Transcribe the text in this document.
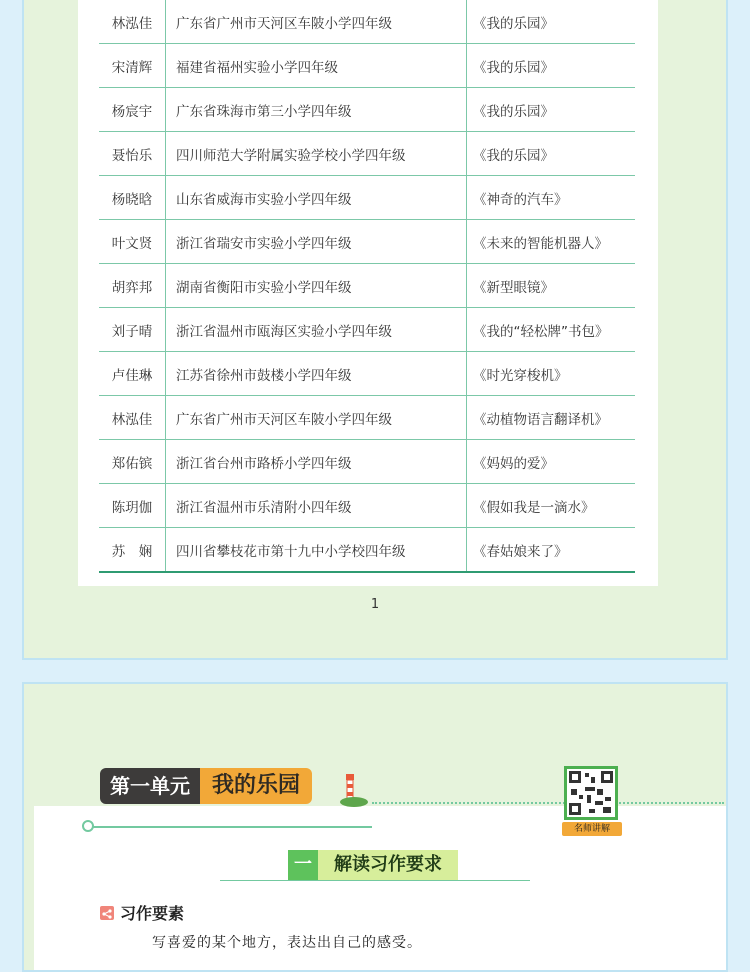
林泓佳	广东省广州市天河区车陂小学四年级	《我的乐园》
宋清辉	福建省福州实验小学四年级	《我的乐园》
杨宸宇	广东省珠海市第三小学四年级	《我的乐园》
聂怡乐	四川师范大学附属实验学校小学四年级	《我的乐园》
杨晓晗	山东省威海市实验小学四年级	《神奇的汽车》
叶文贤	浙江省瑞安市实验小学四年级	《未来的智能机器人》
胡弈邦	湖南省衡阳市实验小学四年级	《新型眼镜》
刘子晴	浙江省温州市瓯海区实验小学四年级	《我的“轻松牌”书包》
卢佳琳	江苏省徐州市鼓楼小学四年级	《时光穿梭机》
林泓佳	广东省广州市天河区车陂小学四年级	《动植物语言翻译机》
郑佑镔	浙江省台州市路桥小学四年级	《妈妈的爱》
陈玥伽	浙江省温州市乐清附小四年级	《假如我是一滴水》
苏　娴	四川省攀枝花市第十九中小学校四年级	《春姑娘来了》
1
第一单元	我的乐园
名师讲解
一	解读习作要求
习作要素
写喜爱的某个地方，表达出自己的感受。
